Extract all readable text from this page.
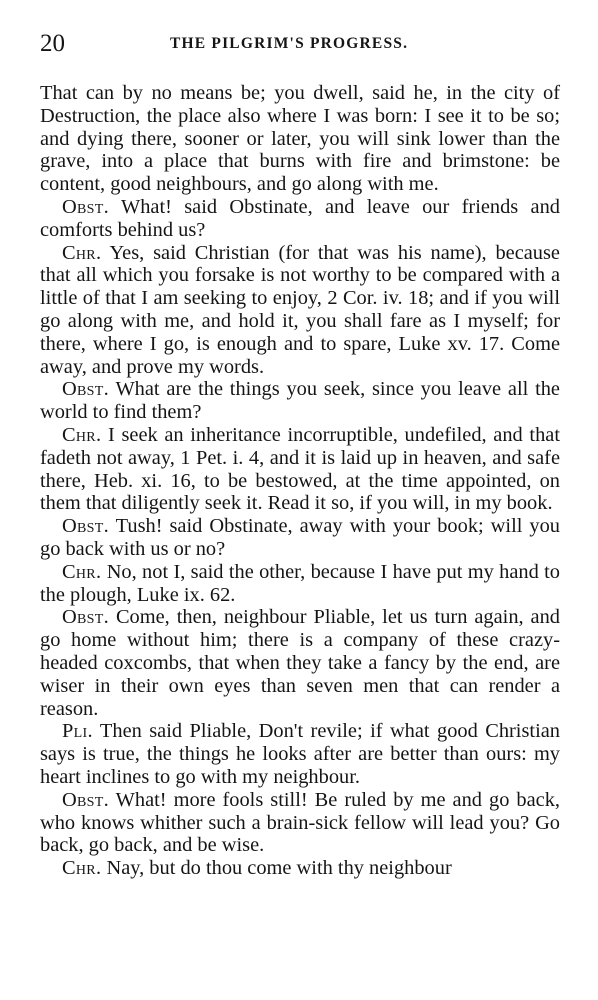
20	THE PILGRIM'S PROGRESS.

That can by no means be; you dwell, said he, in the city of Destruction, the place also where I was born: I see it to be so; and dying there, sooner or later, you will sink lower than the grave, into a place that burns with fire and brimstone: be content, good neighbours, and go along with me.

Obst. What! said Obstinate, and leave our friends and comforts behind us?

Chr. Yes, said Christian (for that was his name), because that all which you forsake is not worthy to be compared with a little of that I am seeking to enjoy, 2 Cor. iv. 18; and if you will go along with me, and hold it, you shall fare as I myself; for there, where I go, is enough and to spare, Luke xv. 17. Come away, and prove my words.

Obst. What are the things you seek, since you leave all the world to find them?

Chr. I seek an inheritance incorruptible, undefiled, and that fadeth not away, 1 Pet. i. 4, and it is laid up in heaven, and safe there, Heb. xi. 16, to be bestowed, at the time appointed, on them that diligently seek it. Read it so, if you will, in my book.

Obst. Tush! said Obstinate, away with your book; will you go back with us or no?

Chr. No, not I, said the other, because I have put my hand to the plough, Luke ix. 62.

Obst. Come, then, neighbour Pliable, let us turn again, and go home without him; there is a company of these crazy-headed coxcombs, that when they take a fancy by the end, are wiser in their own eyes than seven men that can render a reason.

Pli. Then said Pliable, Don't revile; if what good Christian says is true, the things he looks after are better than ours: my heart inclines to go with my neighbour.

Obst. What! more fools still! Be ruled by me and go back, who knows whither such a brain-sick fellow will lead you? Go back, go back, and be wise.

Chr. Nay, but do thou come with thy neighbour
